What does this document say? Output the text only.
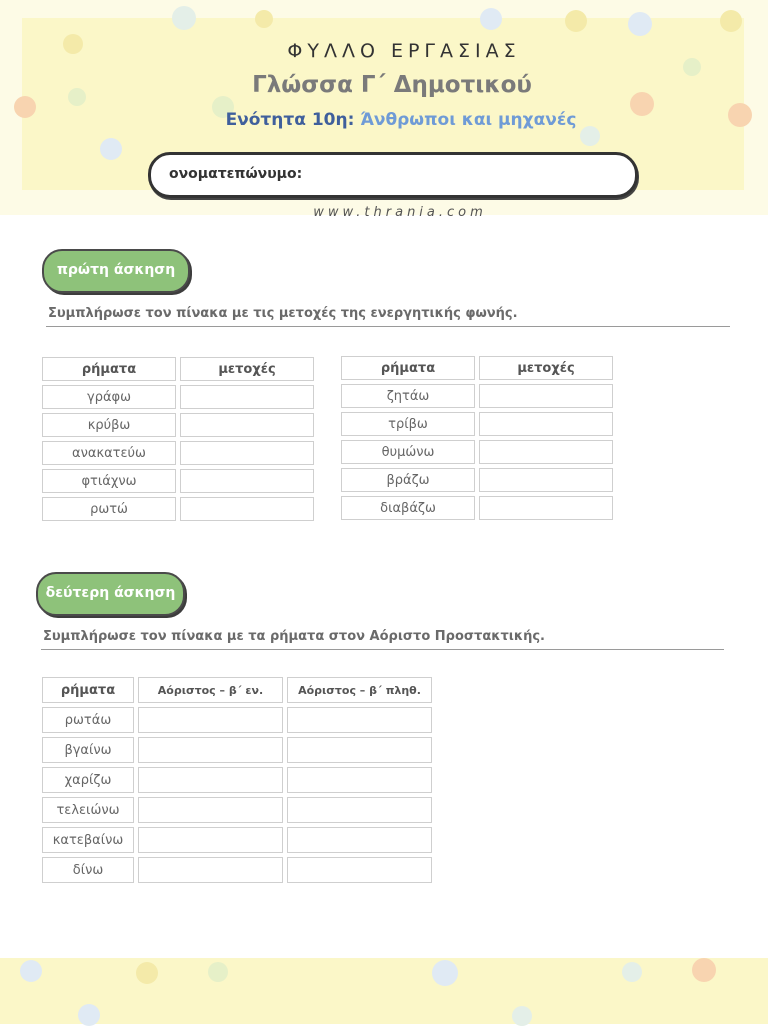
ΦΥΛΛΟ ΕΡΓΑΣΙΑΣ
Γλώσσα Γ΄ Δημοτικού
Ενότητα 10η: Άνθρωποι και μηχανές
ονοματεπώνυμο:
www.thrania.com
πρώτη άσκηση
Συμπλήρωσε τον πίνακα με τις μετοχές της ενεργητικής φωνής.
ρήματα	μετοχές
γράφω	
κρύβω	
ανακατεύω	
φτιάχνω	
ρωτώ	
ρήματα	μετοχές
ζητάω	
τρίβω	
θυμώνω	
βράζω	
διαβάζω	
δεύτερη άσκηση
Συμπλήρωσε τον πίνακα με τα ρήματα στον Αόριστο Προστακτικής.
ρήματα	Αόριστος – β΄ εν.	Αόριστος – β΄ πληθ.
ρωτάω		
βγαίνω		
χαρίζω		
τελειώνω		
κατεβαίνω		
δίνω		
